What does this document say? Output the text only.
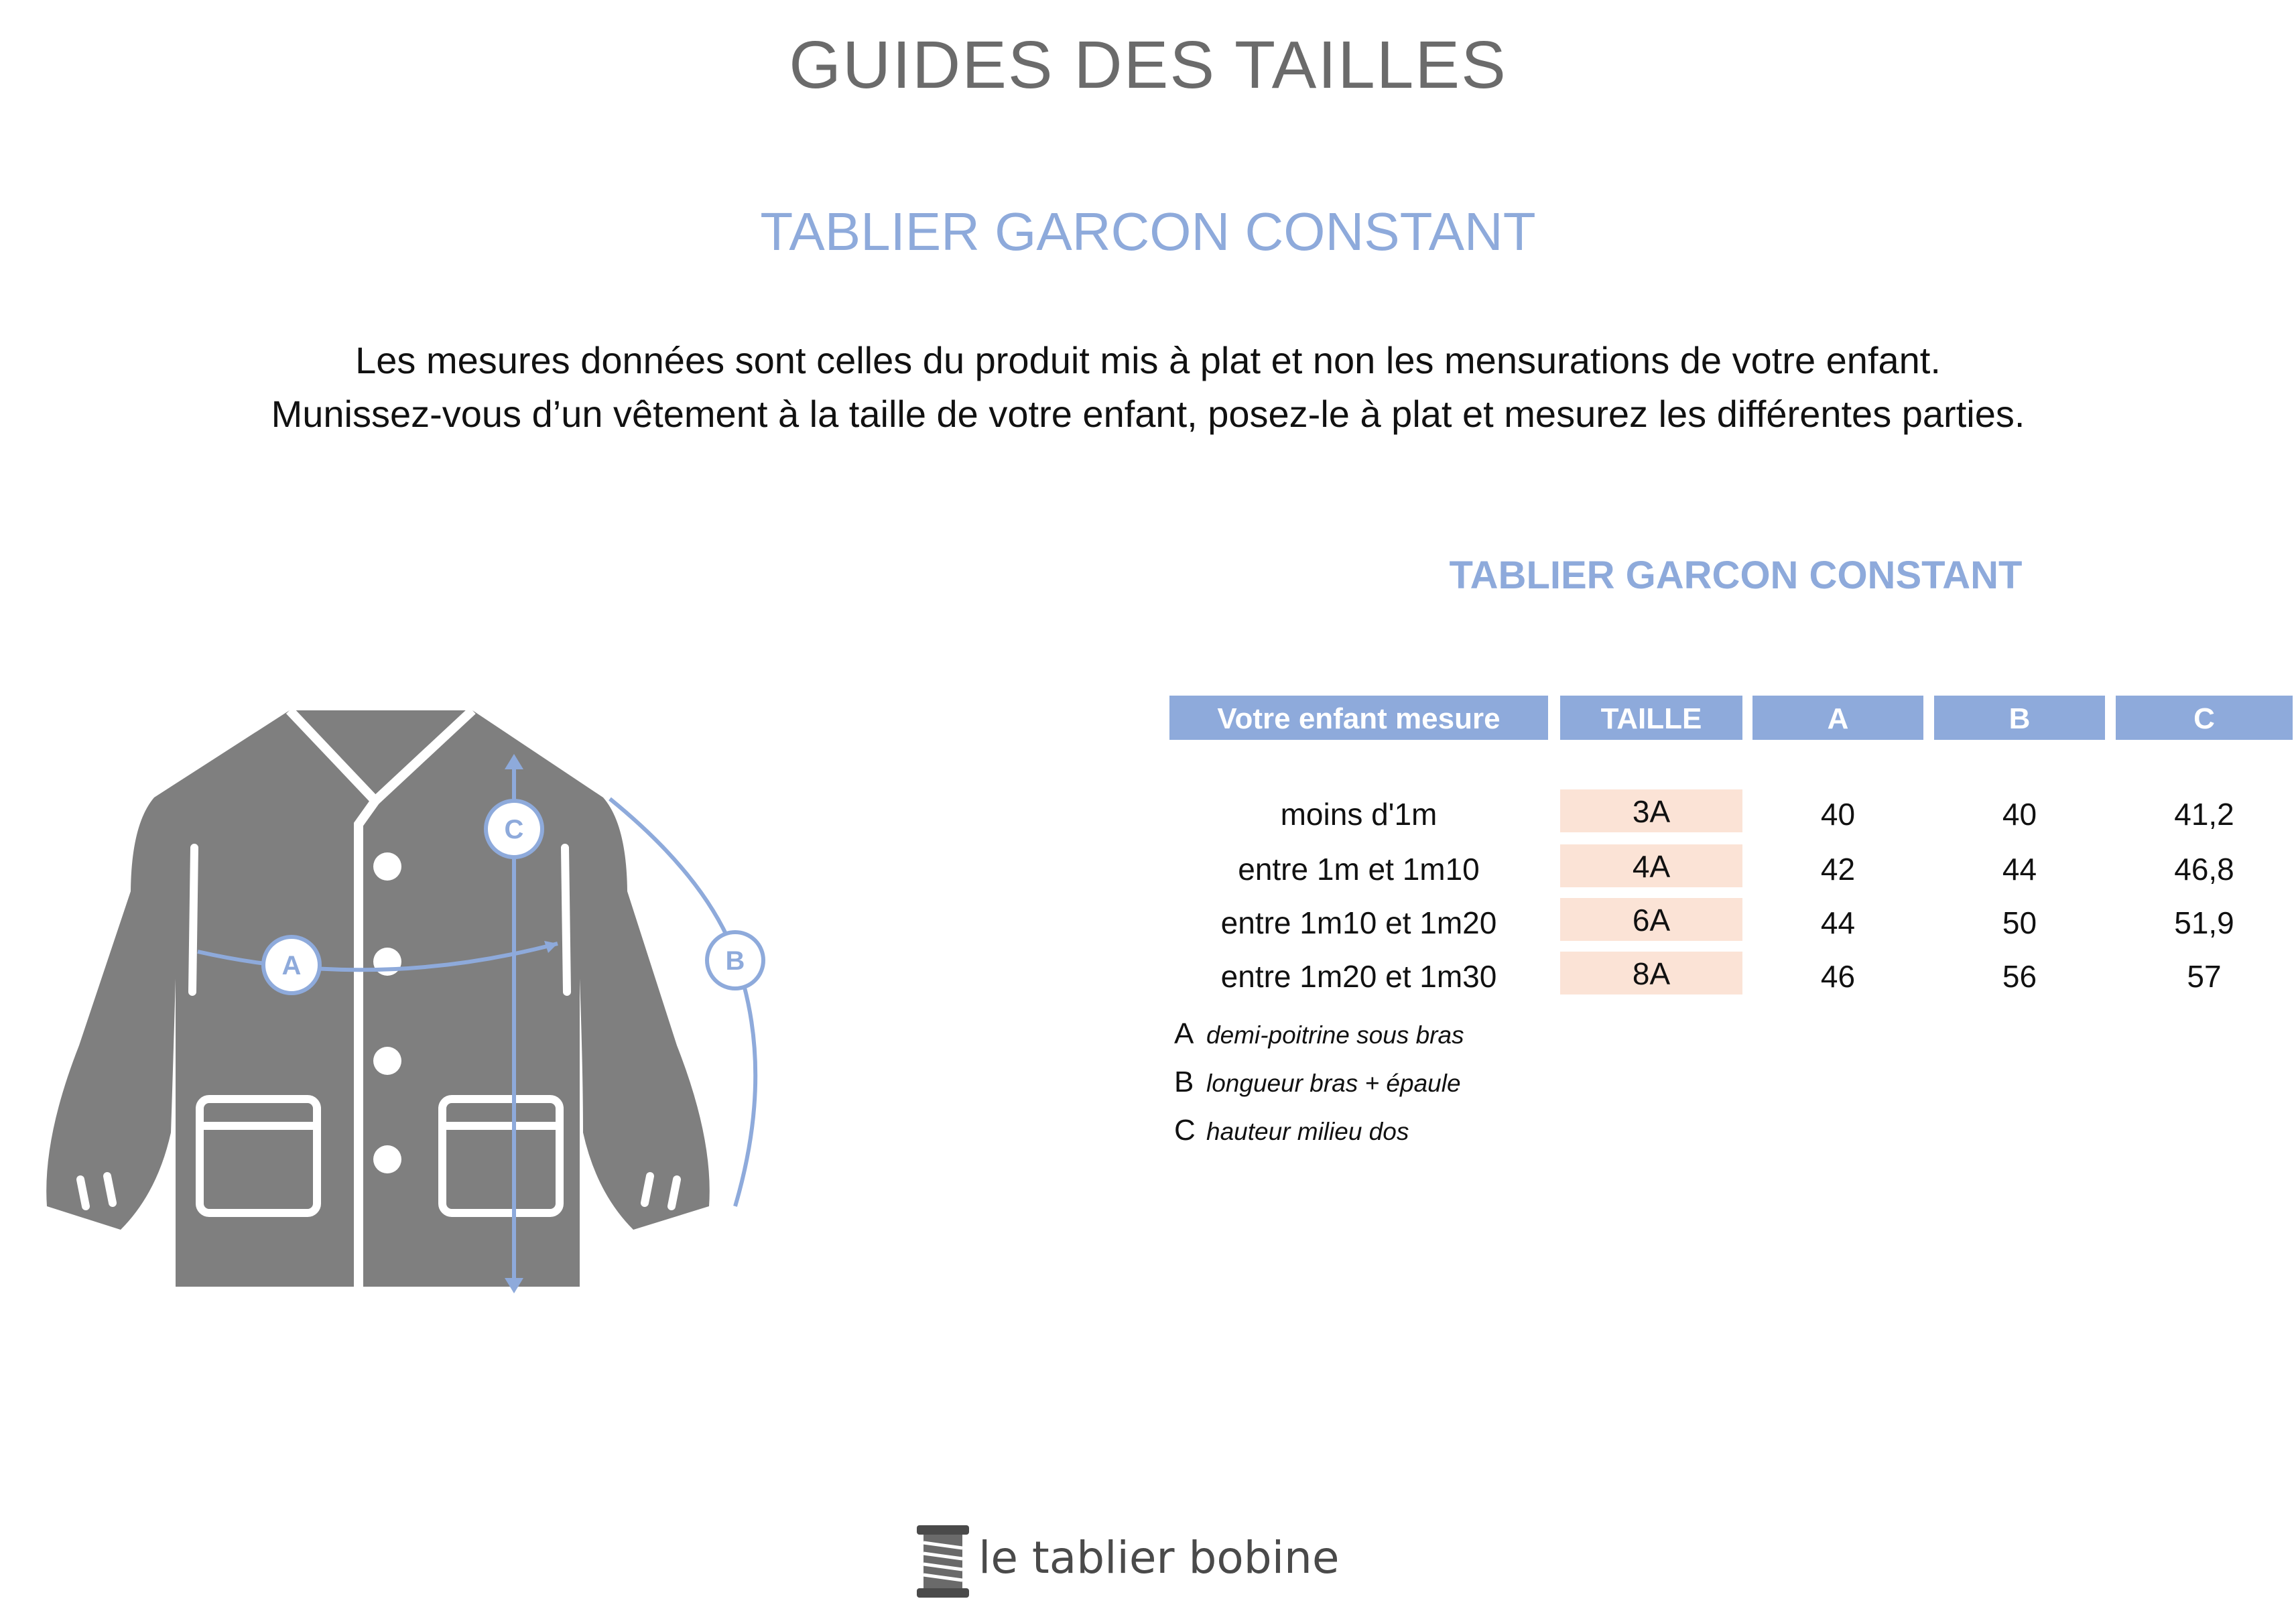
GUIDES DES TAILLES
TABLIER GARCON CONSTANT
Les mesures données sont celles du produit mis à plat et non les mensurations de votre enfant.
Munissez-vous d’un vêtement à la taille de votre enfant, posez-le à plat et mesurez les différentes parties.
A	B
C
TABLIER GARCON CONSTANT
Votre enfant mesure	TAILLE	A	B	C
moins d'1m	3A	40	40	41,2
entre 1m et 1m10	4A	42	44	46,8
entre 1m10 et 1m20	6A	44	50	51,9
entre 1m20 et 1m30	8A	46	56	57
A demi-poitrine sous bras
B longueur bras + épaule
C hauteur milieu dos
le tablier bobine
